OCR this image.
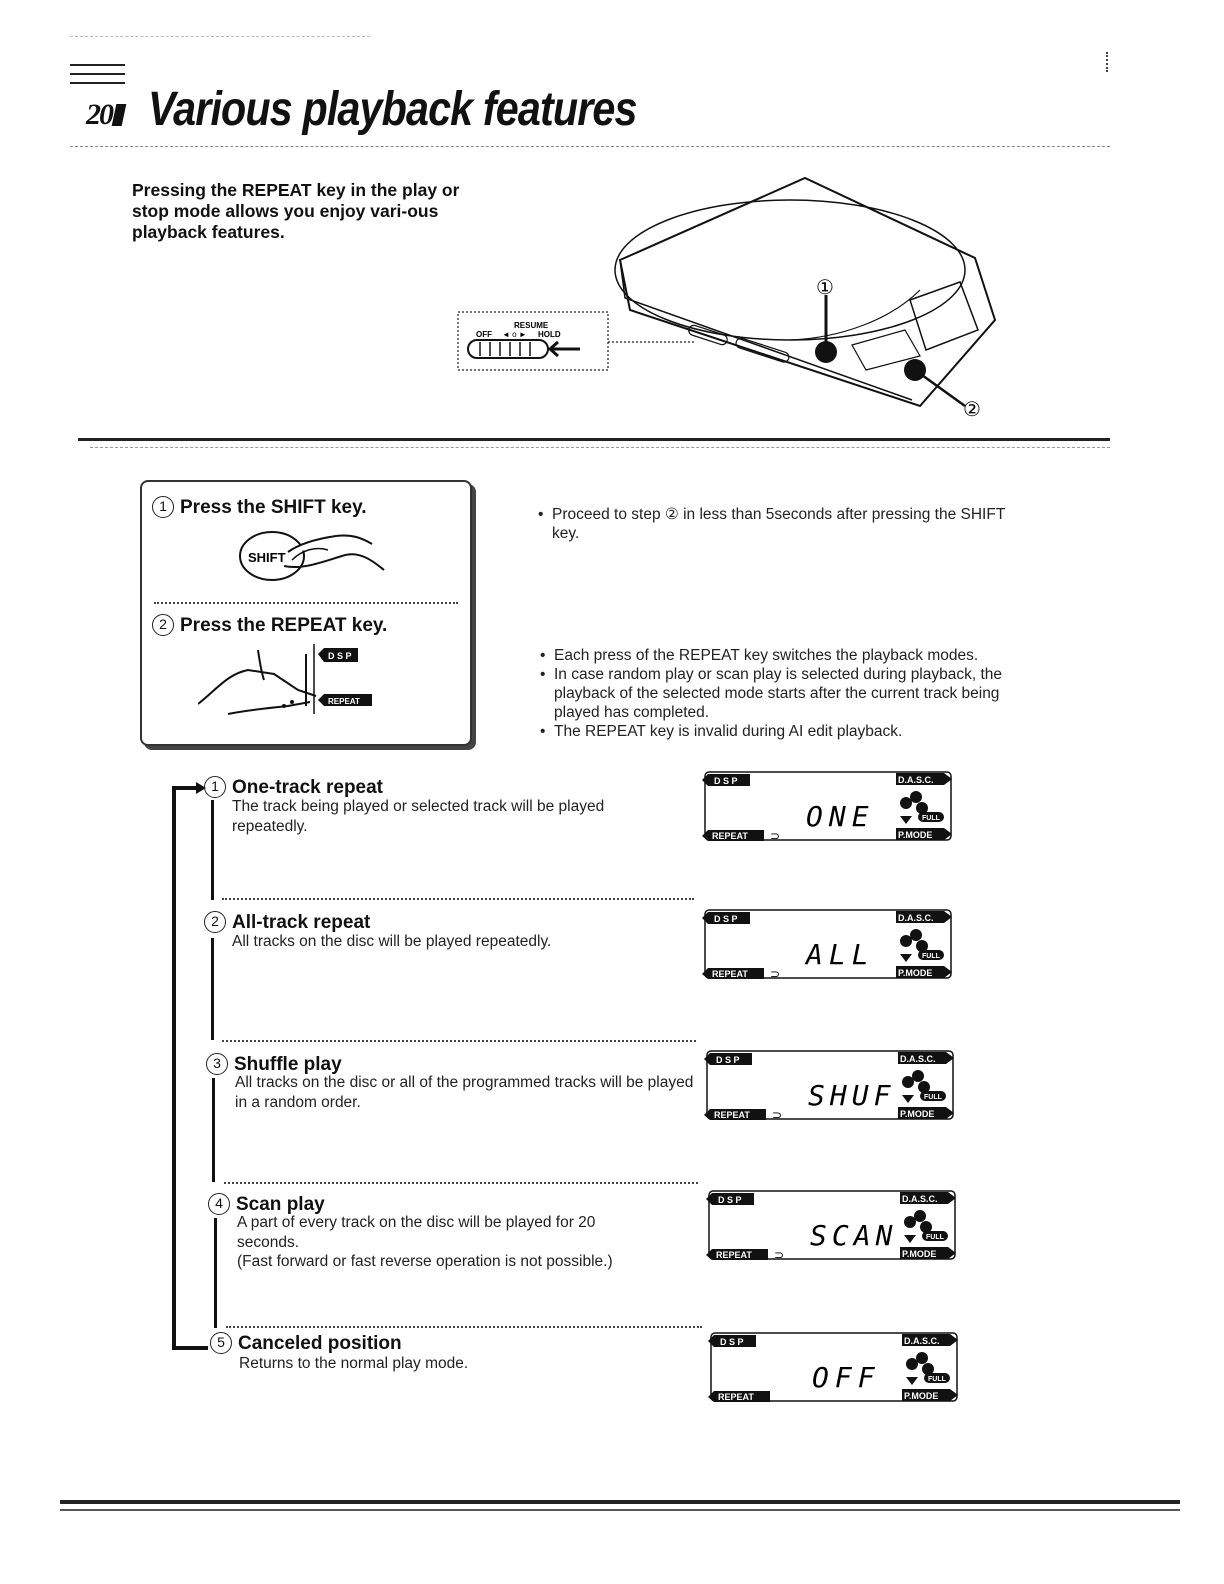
20 Various playback features
Pressing the REPEAT key in the play or stop mode allows you enjoy vari-ous playback features.
RESUME
OFF ◄ o ► HOLD
①
②
1 Press the SHIFT key.
SHIFT
2 Press the REPEAT key.
D S P
REPEAT
• Proceed to step ② in less than 5seconds after pressing the SHIFT key.
• Each press of the REPEAT key switches the playback modes.
• In case random play or scan play is selected during playback, the playback of the selected mode starts after the current track being played has completed.
• The REPEAT key is invalid during AI edit playback.
1 One-track repeat
The track being played or selected track will be played repeatedly.
2 All-track repeat
All tracks on the disc will be played repeatedly.
3 Shuffle play
All tracks on the disc or all of the programmed tracks will be played in a random order.
4 Scan play
A part of every track on the disc will be played for 20 seconds.
(Fast forward or fast reverse operation is not possible.)
5 Canceled position
Returns to the normal play mode.
D S P
REPEAT ⊃
D.A.S.C.
P.MODE
FULL
ONE
D S P
REPEAT ⊃
D.A.S.C.
P.MODE
FULL
ALL
D S P
REPEAT ⊃
D.A.S.C.
P.MODE
FULL
SHUF
D S P
REPEAT ⊃
D.A.S.C.
P.MODE
FULL
SCAN
D S P
REPEAT
D.A.S.C.
P.MODE
FULL
OFF
